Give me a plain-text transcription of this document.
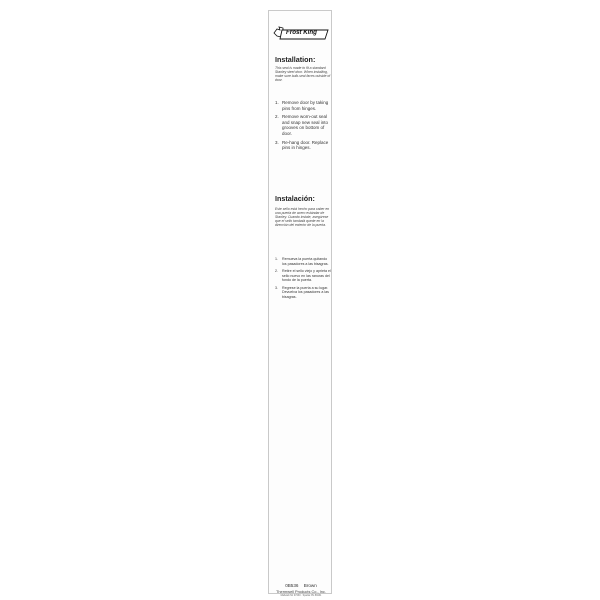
Frost King
Installation:
This seal is made to fit a standard Stanley steel door. When installing, make sure bulb-seal faces outside of door.
1. Remove door by taking pins from hinges.
2. Remove worn-out seal and snap new seal into grooves on bottom of door.
3. Re-hang door. Replace pins in hinges.
Instalación:
Este sello está hecho para caber en una puerta de acero estándar de Stanley. Cuando instale, asegúrese que el sello tambalá quede en la dirección del exterior de la puerta.
1.	Remueva la puerta quitando los pasadores a las bisagras.
2.	Retire el sello viejo y aprieta el sello nuevo en las ranuras del fondo de la puerta.
3.	Regrese la puerta a su lugar. Devuelva los pasadores a las bisagras.
0B536 Brown
Thermwell Products Co., Inc.
Mahwah NJ 07430 · Sparks NV 89431
